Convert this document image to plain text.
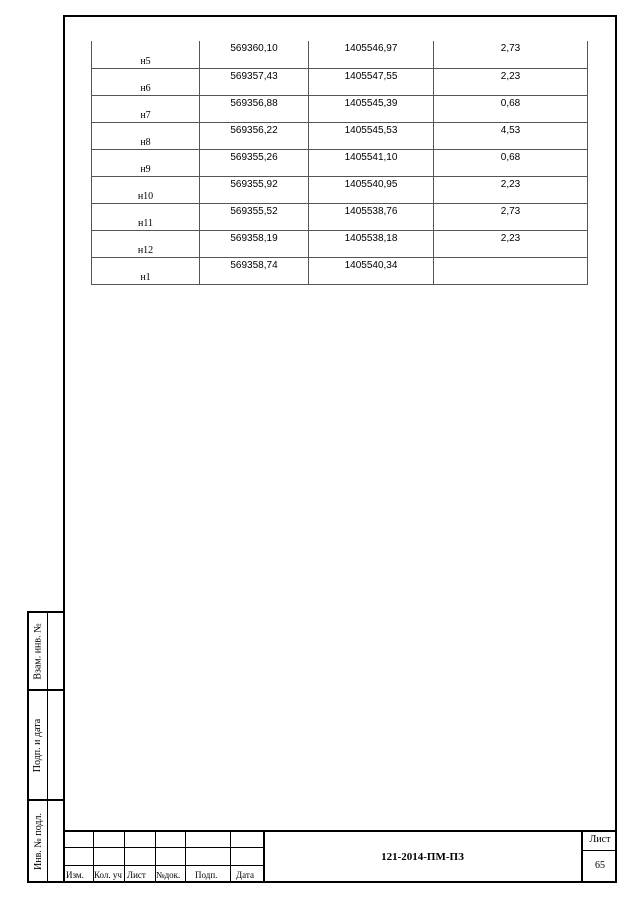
н5	569360,10	1405546,97	2,73
н6	569357,43	1405547,55	2,23
н7	569356,88	1405545,39	0,68
н8	569356,22	1405545,53	4,53
н9	569355,26	1405541,10	0,68
н10	569355,92	1405540,95	2,23
н11	569355,52	1405538,76	2,73
н12	569358,19	1405538,18	2,23
н1	569358,74	1405540,34	
Взам. инв. №
Подп. и дата
Инв. № подл.
Изм. Кол. уч Лист №док. Подп. Дата
121-2014-ПМ-ПЗ
Лист
65
